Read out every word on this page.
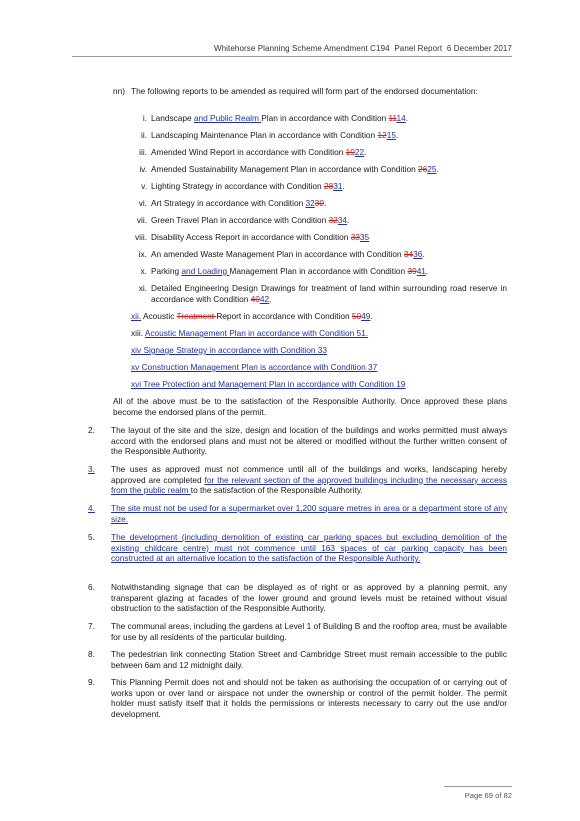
Whitehorse Planning Scheme Amendment C194  Panel Report  6 December 2017
nn) The following reports to be amended as required will form part of the endorsed documentation:
i. Landscape and Public Realm Plan in accordance with Condition 1114.
ii. Landscaping Maintenance Plan in accordance with Condition 1215.
iii. Amended Wind Report in accordance with Condition 1922.
iv. Amended Sustainability Management Plan in accordance with Condition 2625.
v. Lighting Strategy in accordance with Condition 2831.
vi. Art Strategy in accordance with Condition 3230.
vii. Green Travel Plan in accordance with Condition 3234.
viii. Disability Access Report in accordance with Condition 3335
ix. An amended Waste Management Plan in accordance with Condition 3436.
x. Parking and Loading Management Plan in accordance with Condition 3941.
xi. Detailed Engineering Design Drawings for treatment of land within surrounding road reserve in accordance with Condition 4042.
xii. Acoustic Treatment Report in accordance with Condition 5049.
xiii. Acoustic Management Plan in accordance with Condition 51.
xiv Signage Strategy in accordance with Condition 33
xv Construction Management Plan is accordance with Condition 37
xvi Tree Protection and Management Plan in accordance with Condition 19
All of the above must be to the satisfaction of the Responsible Authority. Once approved these plans become the endorsed plans of the permit.
2.	The layout of the site and the size, design and location of the buildings and works permitted must always accord with the endorsed plans and must not be altered or modified without the further written consent of the Responsible Authority.
3.	The uses as approved must not commence until all of the buildings and works, landscaping hereby approved are completed for the relevant section of the approved buildings including the necessary access from the public realm to the satisfaction of the Responsible Authority.
4.	The site must not be used for a supermarket over 1,200 square metres in area or a department store of any size.
5.	The development (including demolition of existing car parking spaces but excluding demolition of the existing childcare centre) must not commence until 163 spaces of car parking capacity has been constructed at an alternative location to the satisfaction of the Responsible Authority.
6.	Notwithstanding signage that can be displayed as of right or as approved by a planning permit, any transparent glazing at facades of the lower ground and ground levels must be retained without visual obstruction to the satisfaction of the Responsible Authority.
7.	The communal areas, including the gardens at Level 1 of Building B and the rooftop area, must be available for use by all residents of the particular building.
8.	The pedestrian link connecting Station Street and Cambridge Street must remain accessible to the public between 6am and 12 midnight daily.
9.	This Planning Permit does not and should not be taken as authorising the occupation of or carrying out of works upon or over land or airspace not under the ownership or control of the permit holder. The permit holder must satisfy itself that it holds the permissions or interests necessary to carry out the use and/or development.
Page 69 of 82
